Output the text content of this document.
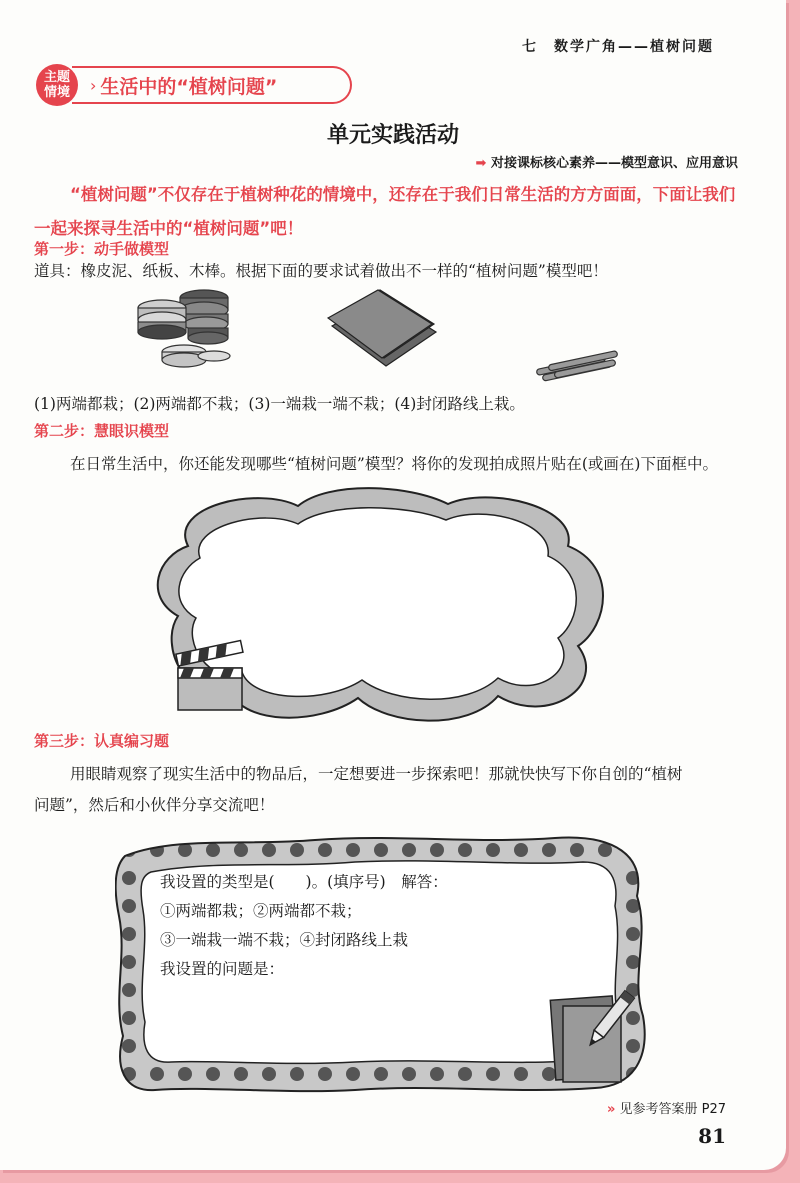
七　数学广角——植树问题
› 生活中的“植树问题”
主题
情境
单元实践活动
➡ 对接课标核心素养——模型意识、应用意识
“植树问题”不仅存在于植树种花的情境中，还存在于我们日常生活的方方面面，下面让我们一起来探寻生活中的“植树问题”吧！
第一步：动手做模型
道具：橡皮泥、纸板、木棒。根据下面的要求试着做出不一样的“植树问题”模型吧！
(1)两端都栽；(2)两端都不栽；(3)一端栽一端不栽；(4)封闭路线上栽。
第二步：慧眼识模型
在日常生活中，你还能发现哪些“植树问题”模型？将你的发现拍成照片贴在(或画在)下面框中。
第三步：认真编习题
用眼睛观察了现实生活中的物品后，一定想要进一步探索吧！那就快快写下你自创的“植树
问题”，然后和小伙伴分享交流吧！
我设置的类型是(　　)。(填序号)　解答：
①两端都栽；②两端都不栽；
③一端栽一端不栽；④封闭路线上栽
我设置的问题是：
» 见参考答案册 P27
81
